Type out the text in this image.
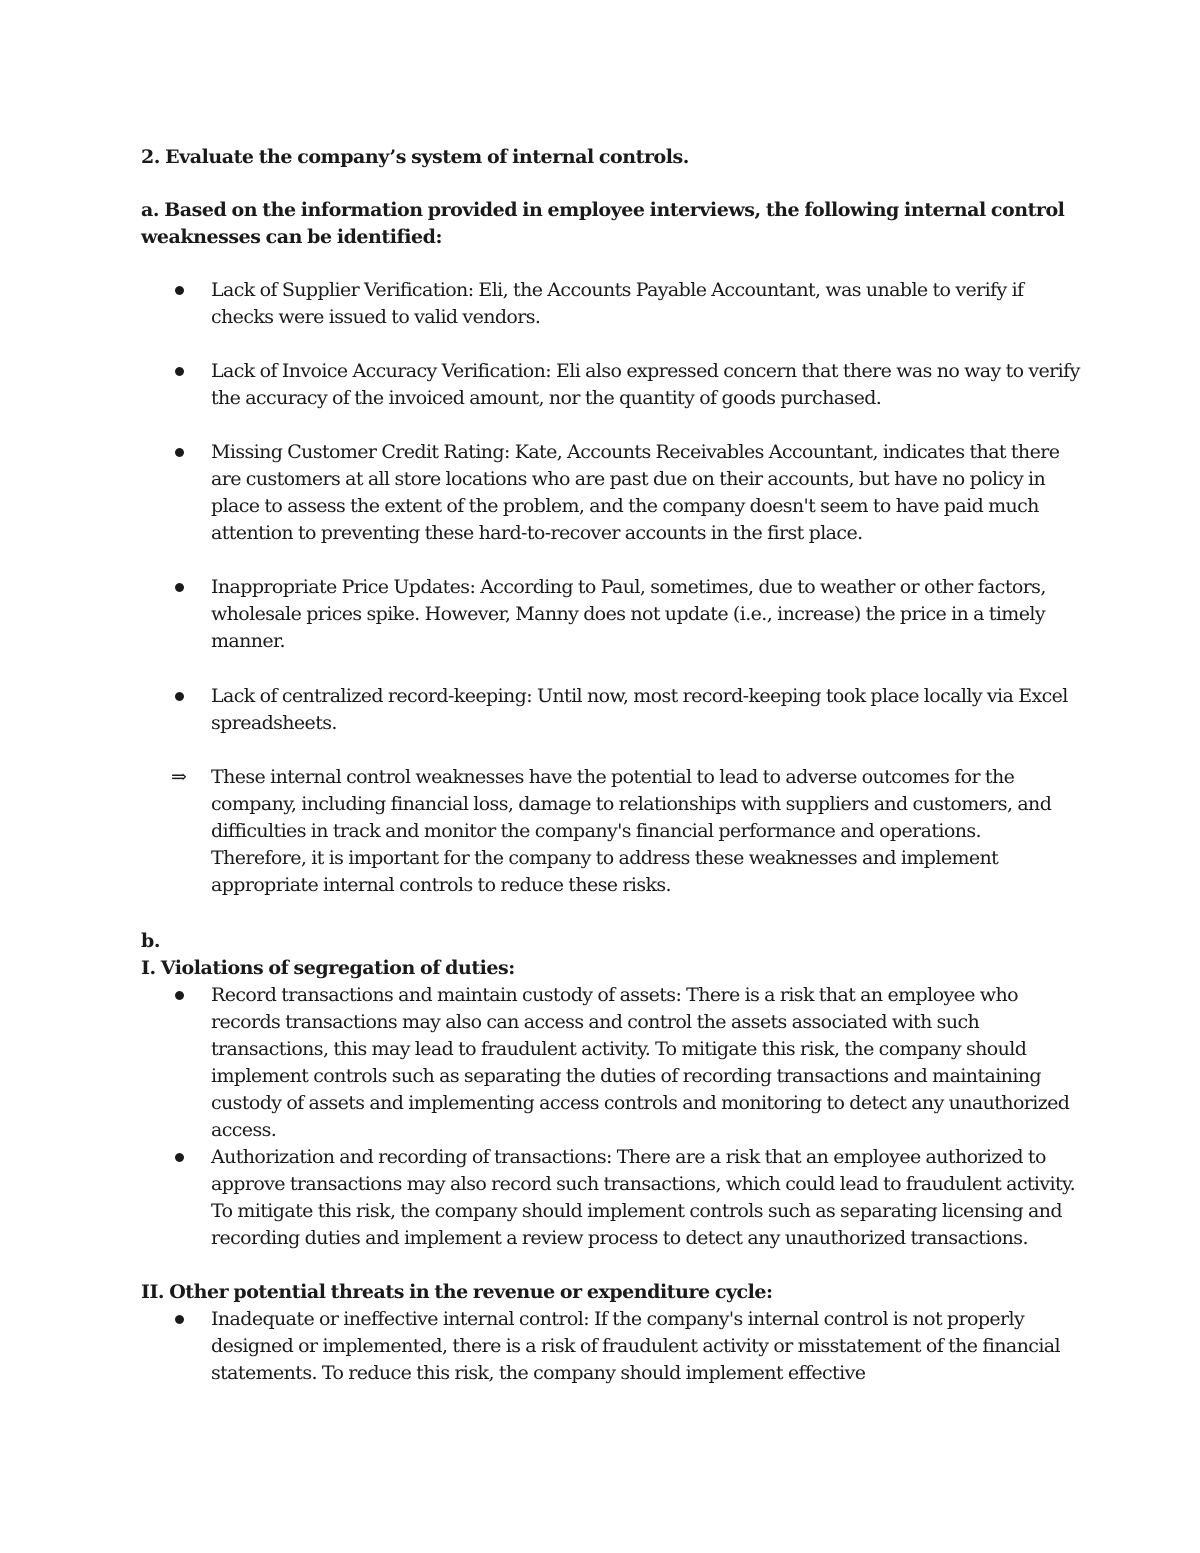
2. Evaluate the company’s system of internal controls.
a. Based on the information provided in employee interviews, the following internal control weaknesses can be identified:
Lack of Supplier Verification: Eli, the Accounts Payable Accountant, was unable to verify if checks were issued to valid vendors.
Lack of Invoice Accuracy Verification: Eli also expressed concern that there was no way to verify the accuracy of the invoiced amount, nor the quantity of goods purchased.
Missing Customer Credit Rating: Kate, Accounts Receivables Accountant, indicates that there are customers at all store locations who are past due on their accounts, but have no policy in place to assess the extent of the problem, and the company doesn't seem to have paid much attention to preventing these hard-to-recover accounts in the first place.
Inappropriate Price Updates: According to Paul, sometimes, due to weather or other factors, wholesale prices spike. However, Manny does not update (i.e., increase) the price in a timely manner.
Lack of centralized record-keeping: Until now, most record-keeping took place locally via Excel spreadsheets.
⇒ These internal control weaknesses have the potential to lead to adverse outcomes for the company, including financial loss, damage to relationships with suppliers and customers, and difficulties in track and monitor the company's financial performance and operations. Therefore, it is important for the company to address these weaknesses and implement appropriate internal controls to reduce these risks.
b.
I. Violations of segregation of duties:
Record transactions and maintain custody of assets: There is a risk that an employee who records transactions may also can access and control the assets associated with such transactions, this may lead to fraudulent activity. To mitigate this risk, the company should implement controls such as separating the duties of recording transactions and maintaining custody of assets and implementing access controls and monitoring to detect any unauthorized access.
Authorization and recording of transactions: There are a risk that an employee authorized to approve transactions may also record such transactions, which could lead to fraudulent activity. To mitigate this risk, the company should implement controls such as separating licensing and recording duties and implement a review process to detect any unauthorized transactions.
II. Other potential threats in the revenue or expenditure cycle:
Inadequate or ineffective internal control: If the company's internal control is not properly designed or implemented, there is a risk of fraudulent activity or misstatement of the financial statements. To reduce this risk, the company should implement effective
